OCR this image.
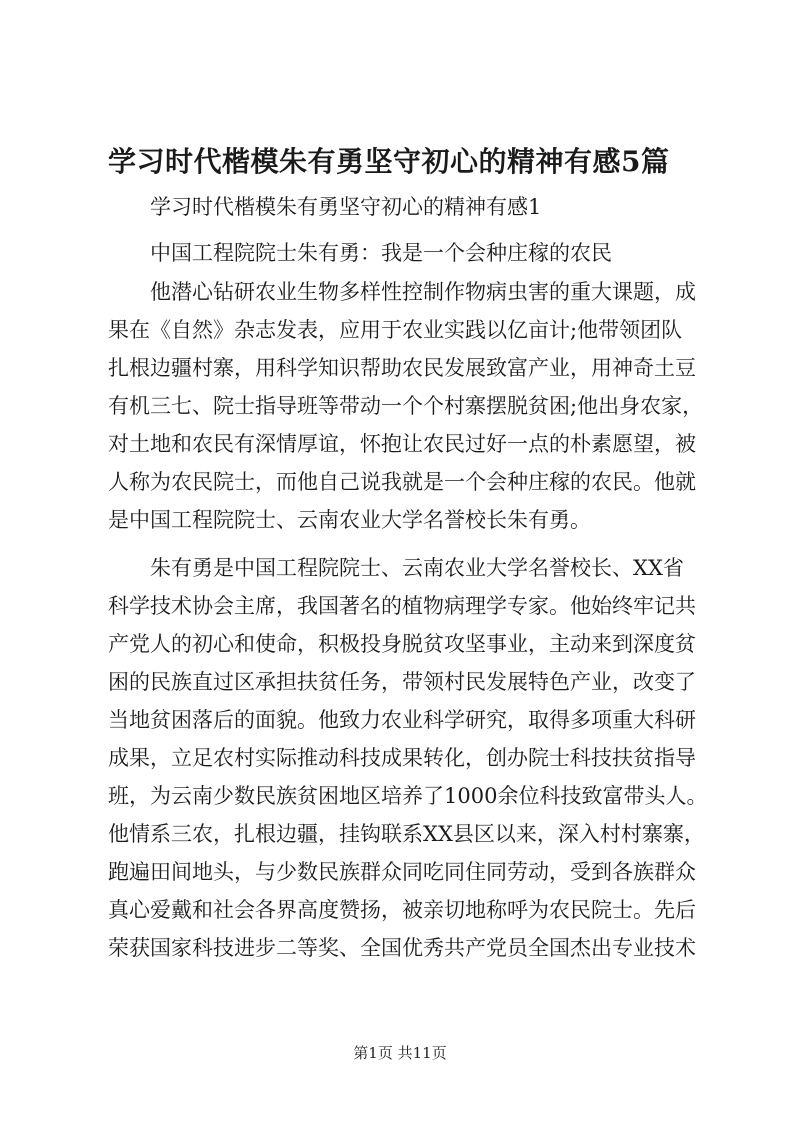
学习时代楷模朱有勇坚守初心的精神有感5篇
学习时代楷模朱有勇坚守初心的精神有感1
中国工程院院士朱有勇：我是一个会种庄稼的农民
他潜心钻研农业生物多样性控制作物病虫害的重大课题，成
果在《自然》杂志发表，应用于农业实践以亿亩计;他带领团队
扎根边疆村寨，用科学知识帮助农民发展致富产业，用神奇土豆
有机三七、院士指导班等带动一个个村寨摆脱贫困;他出身农家，
对土地和农民有深情厚谊，怀抱让农民过好一点的朴素愿望，被
人称为农民院士，而他自己说我就是一个会种庄稼的农民。他就
是中国工程院院士、云南农业大学名誉校长朱有勇。
朱有勇是中国工程院院士、云南农业大学名誉校长、XX省
科学技术协会主席，我国著名的植物病理学专家。他始终牢记共
产党人的初心和使命，积极投身脱贫攻坚事业，主动来到深度贫
困的民族直过区承担扶贫任务，带领村民发展特色产业，改变了
当地贫困落后的面貌。他致力农业科学研究，取得多项重大科研
成果，立足农村实际推动科技成果转化，创办院士科技扶贫指导
班，为云南少数民族贫困地区培养了1000余位科技致富带头人。
他情系三农，扎根边疆，挂钩联系XX县区以来，深入村村寨寨，
跑遍田间地头，与少数民族群众同吃同住同劳动，受到各族群众
真心爱戴和社会各界高度赞扬，被亲切地称呼为农民院士。先后
荣获国家科技进步二等奖、全国优秀共产党员全国杰出专业技术
第1页 共11页
